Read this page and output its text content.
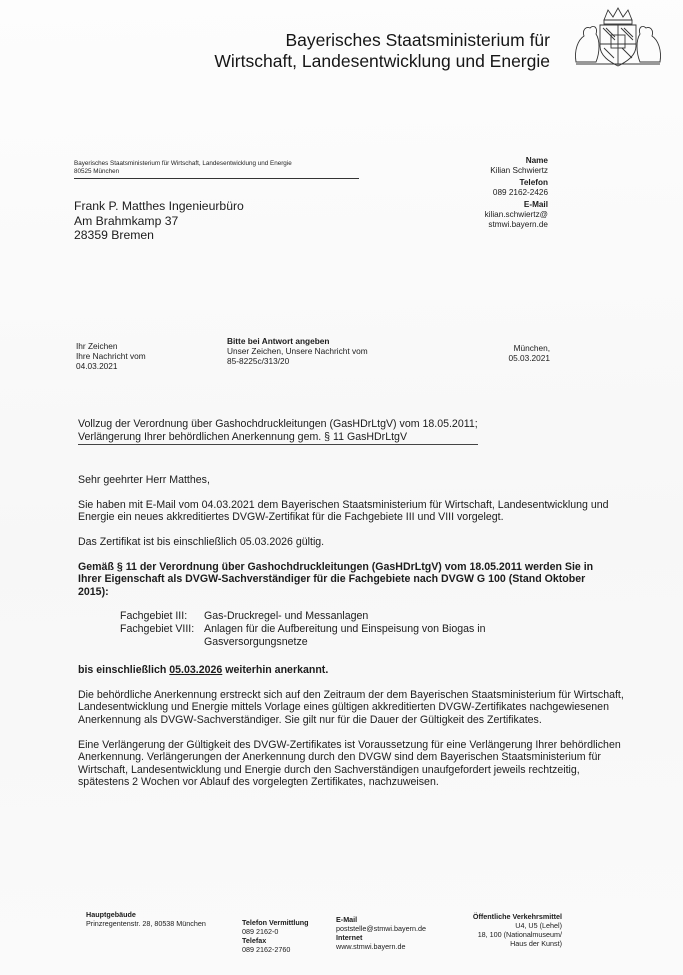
Bayerisches Staatsministerium für
Wirtschaft, Landesentwicklung und Energie
Bayerisches Staatsministerium für Wirtschaft, Landesentwicklung und Energie
80525 München
Frank P. Matthes Ingenieurbüro
Am Brahmkamp 37
28359 Bremen
Name
Kilian Schwiertz
Telefon
089 2162-2426
E-Mail
kilian.schwiertz@
stmwi.bayern.de
Ihr Zeichen
Ihre Nachricht vom
04.03.2021
Bitte bei Antwort angeben
Unser Zeichen, Unsere Nachricht vom
85-8225c/313/20
München,
05.03.2021
Vollzug der Verordnung über Gashochdruckleitungen (GasHDrLtgV) vom 18.05.2011;
Verlängerung Ihrer behördlichen Anerkennung gem. § 11 GasHDrLtgV

Sehr geehrter Herr Matthes,

Sie haben mit E-Mail vom 04.03.2021 dem Bayerischen Staatsministerium für Wirtschaft, Landesentwicklung und Energie ein neues akkreditiertes DVGW-Zertifikat für die Fachgebiete III und VIII vorgelegt.

Das Zertifikat ist bis einschließlich 05.03.2026 gültig.

Gemäß § 11 der Verordnung über Gashochdruckleitungen (GasHDrLtgV) vom 18.05.2011 werden Sie in Ihrer Eigenschaft als DVGW-Sachverständiger für die Fachgebiete nach DVGW G 100 (Stand Oktober 2015):

Fachgebiet III:	Gas-Druckregel- und Messanlagen
Fachgebiet VIII: Anlagen für die Aufbereitung und Einspeisung von Biogas in Gasversorgungsnetze

bis einschließlich 05.03.2026 weiterhin anerkannt.

Die behördliche Anerkennung erstreckt sich auf den Zeitraum der dem Bayerischen Staatsministerium für Wirtschaft, Landesentwicklung und Energie mittels Vorlage eines gültigen akkreditierten DVGW-Zertifikates nachgewiesenen Anerkennung als DVGW-Sachverständiger. Sie gilt nur für die Dauer der Gültigkeit des Zertifikates.

Eine Verlängerung der Gültigkeit des DVGW-Zertifikates ist Voraussetzung für eine Verlängerung Ihrer behördlichen Anerkennung. Verlängerungen der Anerkennung durch den DVGW sind dem Bayerischen Staatsministerium für Wirtschaft, Landesentwicklung und Energie durch den Sachverständigen unaufgefordert jeweils rechtzeitig, spätestens 2 Wochen vor Ablauf des vorgelegten Zertifikates, nachzuweisen.

Hauptgebäude
Prinzregentenstr. 28, 80538 München	Telefon Vermittlung
089 2162-0
Telefax
089 2162-2760
E-Mail
poststelle@stmwi.bayern.de
Internet
www.stmwi.bayern.de
Öffentliche Verkehrsmittel
U4, U5 (Lehel)
18, 100 (Nationalmuseum/
Haus der Kunst)
